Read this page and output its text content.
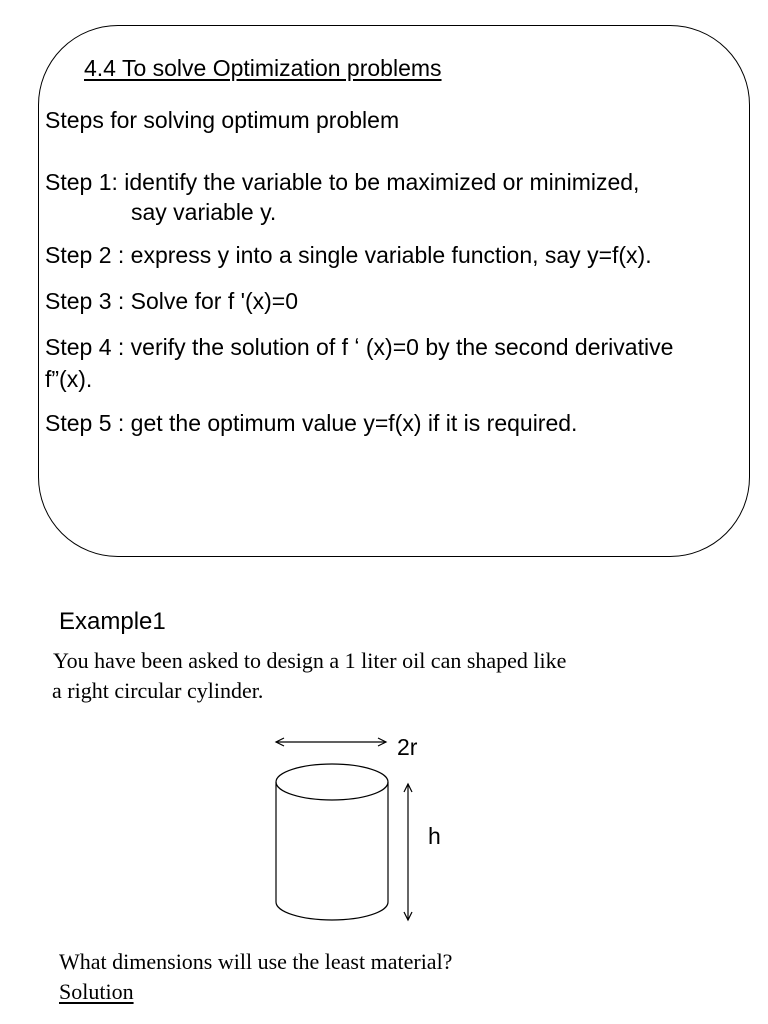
4.4 To solve Optimization problems
Steps for solving optimum problem
Step 1: identify the variable to be maximized or minimized,
say variable y.
Step 2 : express y into a single variable function, say y=f(x).
Step 3 : Solve for f ʹ(x)=0
Step 4 : verify the solution of f ʻ (x)=0 by the second derivative
f”(x).
Step 5 : get the optimum value y=f(x) if it is required.
Example1
You have been asked to design a 1 liter oil can shaped like
a right circular cylinder.
2r
h
What dimensions will use the least material?
Solution
